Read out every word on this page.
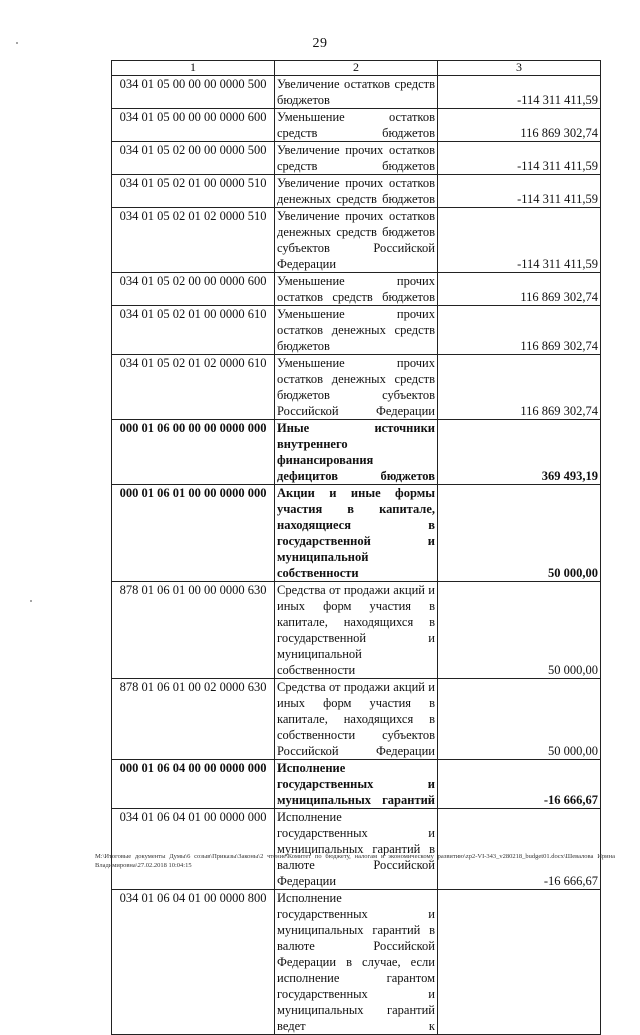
29
1	2	3
034 01 05 00 00 00 0000 500	Увеличение остатков средств бюджетов	-114 311 411,59
034 01 05 00 00 00 0000 600	Уменьшение остатков средств бюджетов	116 869 302,74
034 01 05 02 00 00 0000 500	Увеличение прочих остатков средств бюджетов	-114 311 411,59
034 01 05 02 01 00 0000 510	Увеличение прочих остатков денежных средств бюджетов	-114 311 411,59
034 01 05 02 01 02 0000 510	Увеличение прочих остатков денежных средств бюджетов субъектов Российской Федерации	-114 311 411,59
034 01 05 02 00 00 0000 600	Уменьшение прочих остатков средств бюджетов	116 869 302,74
034 01 05 02 01 00 0000 610	Уменьшение прочих остатков денежных средств бюджетов	116 869 302,74
034 01 05 02 01 02 0000 610	Уменьшение прочих остатков денежных средств бюджетов субъектов Российской Федерации	116 869 302,74
000 01 06 00 00 00 0000 000	Иные источники внутреннего финансирования дефицитов бюджетов	369 493,19
000 01 06 01 00 00 0000 000	Акции и иные формы участия в капитале, находящиеся в государственной и муниципальной собственности	50 000,00
878 01 06 01 00 00 0000 630	Средства от продажи акций и иных форм участия в капитале, находящихся в государственной и муниципальной собственности	50 000,00
878 01 06 01 00 02 0000 630	Средства от продажи акций и иных форм участия в капитале, находящихся в собственности субъектов Российской Федерации	50 000,00
000 01 06 04 00 00 0000 000	Исполнение государственных и муниципальных гарантий	-16 666,67
034 01 06 04 01 00 0000 000	Исполнение государственных и муниципальных гарантий в валюте Российской Федерации	-16 666,67
034 01 06 04 01 00 0000 800	Исполнение государственных и муниципальных гарантий в валюте Российской Федерации в случае, если исполнение гарантом государственных и муниципальных гарантий ведет к	
M:\Итоговые документы Думы\6 созыв\Приказы\Законы\2 чтение\Комитет по бюджету, налогам и экономическому развитию\zp2-VI-343_v280218_budget01.docx\Шевалова Ирина Владимировна\27.02.2018 10:04:15
